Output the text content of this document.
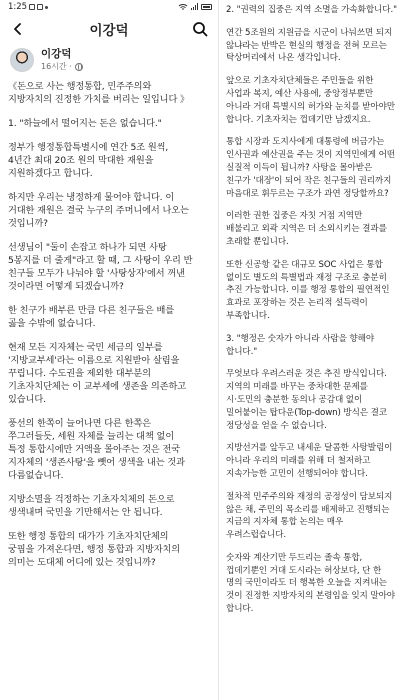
1:25
이강덕
이강덕
16시간 ·

《돈으로 사는 행정통합, 민주주의와
지방자치의 진정한 가치를 버리는 일입니다 》

1. "하늘에서 떨어지는 돈은 없습니다."

정부가 행정통합특별시에 연간 5조 원씩,
4년간 최대 20조 원의 막대한 재원을
지원하겠다고 합니다.

하지만 우리는 냉정하게 물어야 합니다. 이
거대한 재원은 결국 누구의 주머니에서 나오는
것입니까?

선생님이 "둘이 손잡고 하나가 되면 사탕
5봉지를 더 줄게"라고 할 때, 그 사탕이 우리 반
친구들 모두가 나눠야 할 '사탕상자'에서 꺼낸
것이라면 어떻게 되겠습니까?

한 친구가 배부른 만큼 다른 친구들은 배를
곯을 수밖에 없습니다.

현재 모든 지자체는 국민 세금의 일부를
'지방교부세'라는 이름으로 지원받아 살림을
꾸립니다. 수도권을 제외한 대부분의
기초자치단체는 이 교부세에 생존을 의존하고
있습니다.

풍선의 한쪽이 늘어나면 다른 한쪽은
쭈그러들듯, 세원 자체를 늘리는 대책 없이
특정 통합시에만 거액을 몰아주는 것은 전국
지자체의 '생존사탕'을 뺏어 생색을 내는 것과
다름없습니다.

지방소멸을 걱정하는 기초자치체의 돈으로
생색내며 국민을 기만해서는 안 됩니다.

또한 행정 통합의 대가가 기초자치단체의
궁핍을 가져온다면, 행정 통합과 지방자치의
의미는 도대체 어디에 있는 것입니까?

2. "권력의 집중은 지역 소멸을 가속화합니다."

연간 5조원의 지원금을 시군이 나눠쓰면 되지
않냐라는 반박은 현실의 행정을 전혀 모르는
탁상머리에서 나온 생각입니다.

앞으로 기초자치단체들은 주민들을 위한
사업과 복지, 예산 사용에, 중앙정부뿐만
아니라 거대 특별시의 허가와 눈치를 받아야만
합니다. 기초자치는 껍데기만 남겠지요.

통합 시장과 도지사에게 대통령에 버금가는
인사권과 예산권을 주는 것이 지역민에게 어떤
실질적 이득이 됩니까? 사탕을 몰아받은
친구가 '대장'이 되어 작은 친구들의 권리까지
마음대로 휘두르는 구조가 과연 정당할까요?

이러한 권한 집중은 자칫 거점 지역만
배불리고 외곽 지역은 더 소외시키는 결과를
초래할 뿐입니다.

또한 신공항 같은 대규모 SOC 사업은 통합
없이도 별도의 특별법과 재정 구조로 충분히
추진 가능합니다. 이를 행정 통합의 필연적인
효과로 포장하는 것은 논리적 설득력이
부족합니다.

3. "행정은 숫자가 아니라 사람을 향해야
합니다."

무엇보다 우려스러운 것은 추진 방식입니다.
지역의 미래를 바꾸는 중차대한 문제를
시·도민의 충분한 동의나 공감대 없이
밀어붙이는 탑다운(Top-down) 방식은 결코
정당성을 얻을 수 없습니다.

지방선거를 앞두고 내세운 달콤한 사탕발림이
아니라 우리의 미래를 위해 더 철저하고
지속가능한 고민이 선행되어야 합니다.

절차적 민주주의와 재정의 공정성이 담보되지
않은 채, 주민의 목소리를 배제하고 진행되는
지금의 지자체 통합 논의는 매우
우려스럽습니다.

숫자와 계산기만 두드리는 졸속 통합,
껍데기뿐인 거대 도시라는 허상보다, 단 한
명의 국민이라도 더 행복한 오늘을 지켜내는
것이 진정한 지방자치의 본령임을 잊지 말아야
합니다.
